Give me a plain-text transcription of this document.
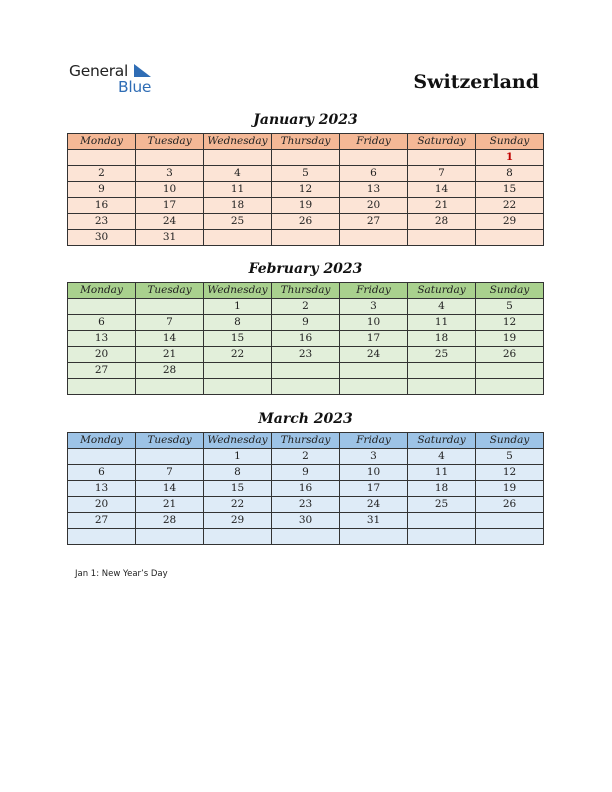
General
Blue	Switzerland
January 2023
Monday	Tuesday	Wednesday	Thursday	Friday	Saturday	Sunday
						1
2	3	4	5	6	7	8
9	10	11	12	13	14	15
16	17	18	19	20	21	22
23	24	25	26	27	28	29
30	31					
February 2023
Monday	Tuesday	Wednesday	Thursday	Friday	Saturday	Sunday
		1	2	3	4	5
6	7	8	9	10	11	12
13	14	15	16	17	18	19
20	21	22	23	24	25	26
27	28					

March 2023
Monday	Tuesday	Wednesday	Thursday	Friday	Saturday	Sunday
		1	2	3	4	5
6	7	8	9	10	11	12
13	14	15	16	17	18	19
20	21	22	23	24	25	26
27	28	29	30	31		

Jan 1: New Year’s Day
